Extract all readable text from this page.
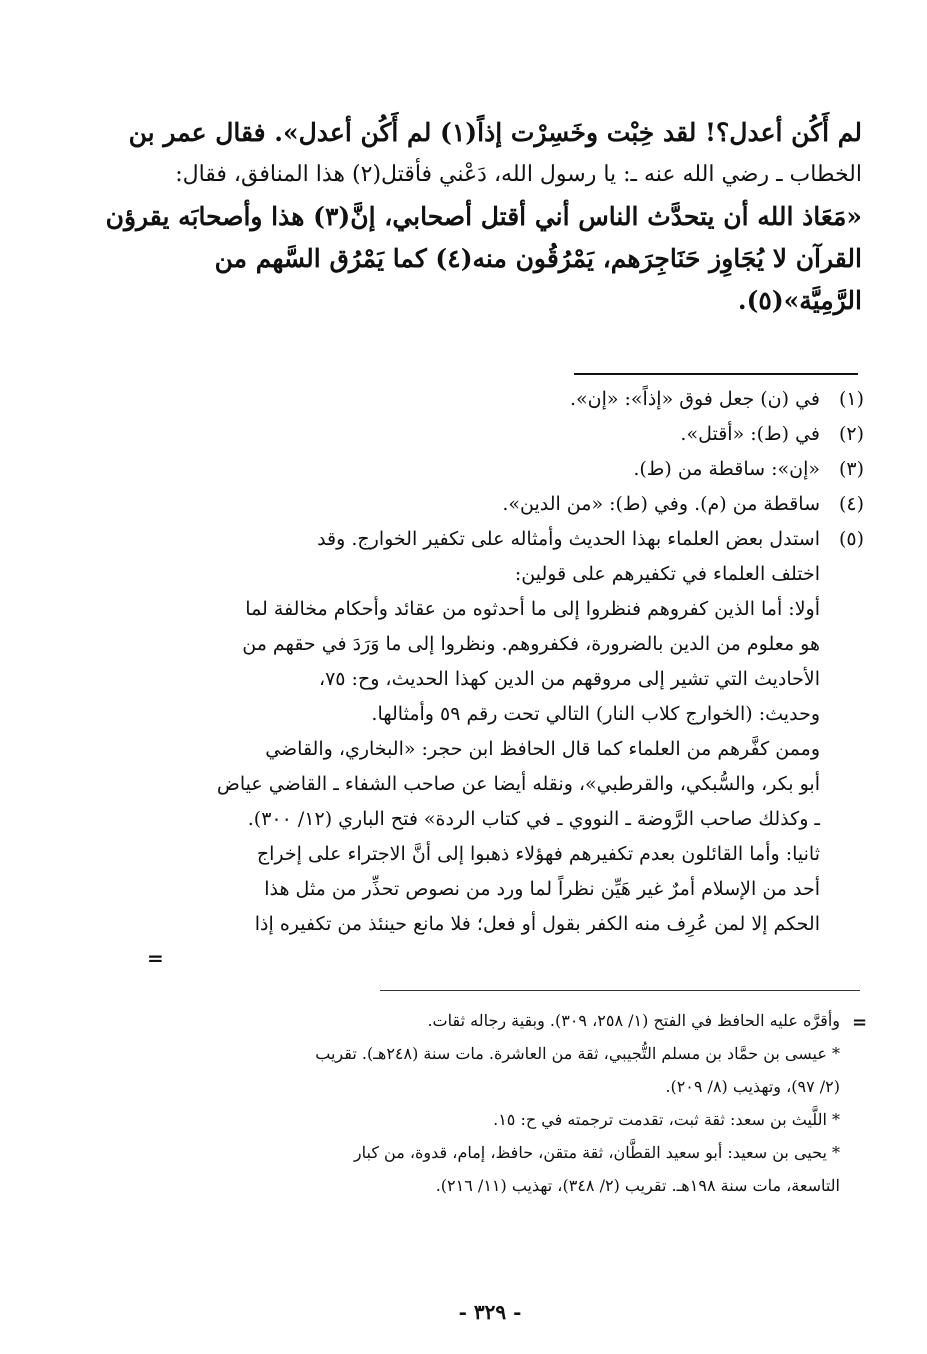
لم أَكُن أعدل؟! لقد خِبْت وخَسِرْت إذاً(١) لم أَكُن أعدل». فقال عمر بن
الخطاب ـ رضي الله عنه ـ: يا رسول الله، دَعْني فأقتل(٢) هذا المنافق، فقال:
«مَعَاذ الله أن يتحدَّث الناس أني أقتل أصحابي، إنَّ(٣) هذا وأصحابَه يقرؤن
القرآن لا يُجَاوِز حَنَاجِرَهم، يَمْرُقُون منه(٤) كما يَمْرُق السَّهم من
الرَّمِيَّة»(٥).
(١)
في (ن) جعل فوق «إذاً»: «إن».
(٢)
في (ط): «أقتل».
(٣)
«إن»: ساقطة من (ط).
(٤)
ساقطة من (م). وفي (ط): «من الدين».
(٥)
استدل بعض العلماء بهذا الحديث وأمثاله على تكفير الخوارج. وقد
اختلف العلماء في تكفيرهم على قولين:
أولا: أما الذين كفروهم فنظروا إلى ما أحدثوه من عقائد وأحكام مخالفة لما
هو معلوم من الدين بالضرورة، فكفروهم. ونظروا إلى ما وَرَدَ في حقهم من
الأحاديث التي تشير إلى مروقهم من الدين كهذا الحديث، وح: ٧٥،
وحديث: (الخوارج كلاب النار) التالي تحت رقم ٥٩ وأمثالها.
وممن كفَّرهم من العلماء كما قال الحافظ ابن حجر: «البخاري، والقاضي
أبو بكر، والسُّبكي، والقرطبي»، ونقله أيضا عن صاحب الشفاء ـ القاضي عياض
ـ وكذلك صاحب الرَّوضة ـ النووي ـ في كتاب الردة» فتح الباري (١٢/ ٣٠٠).
ثانيا: وأما القائلون بعدم تكفيرهم فهؤلاء ذهبوا إلى أنَّ الاجتراء على إخراج
أحد من الإسلام أمرٌ غير هَيِّن نظراً لما ورد من نصوص تحذِّر من مثل هذا
الحكم إلا لمن عُرِف منه الكفر بقول أو فعل؛ فلا مانع حينئذ من تكفيره إذا
=
=
وأقرَّه عليه الحافظ في الفتح (١/ ٢٥٨، ٣٠٩). وبقية رجاله ثقات.
* عيسى بن حمَّاد بن مسلم التُّجيبي، ثقة من العاشرة. مات سنة (٢٤٨هـ). تقريب
(٢/ ٩٧)، وتهذيب (٨/ ٢٠٩).
* اللَّيث بن سعد: ثقة ثبت، تقدمت ترجمته في ح: ١٥.
* يحيى بن سعيد: أبو سعيد القطَّان، ثقة متقن، حافظ، إمام، قدوة، من كبار
التاسعة، مات سنة ١٩٨هـ. تقريب (٢/ ٣٤٨)، تهذيب (١١/ ٢١٦).
- ٣٢٩ -
